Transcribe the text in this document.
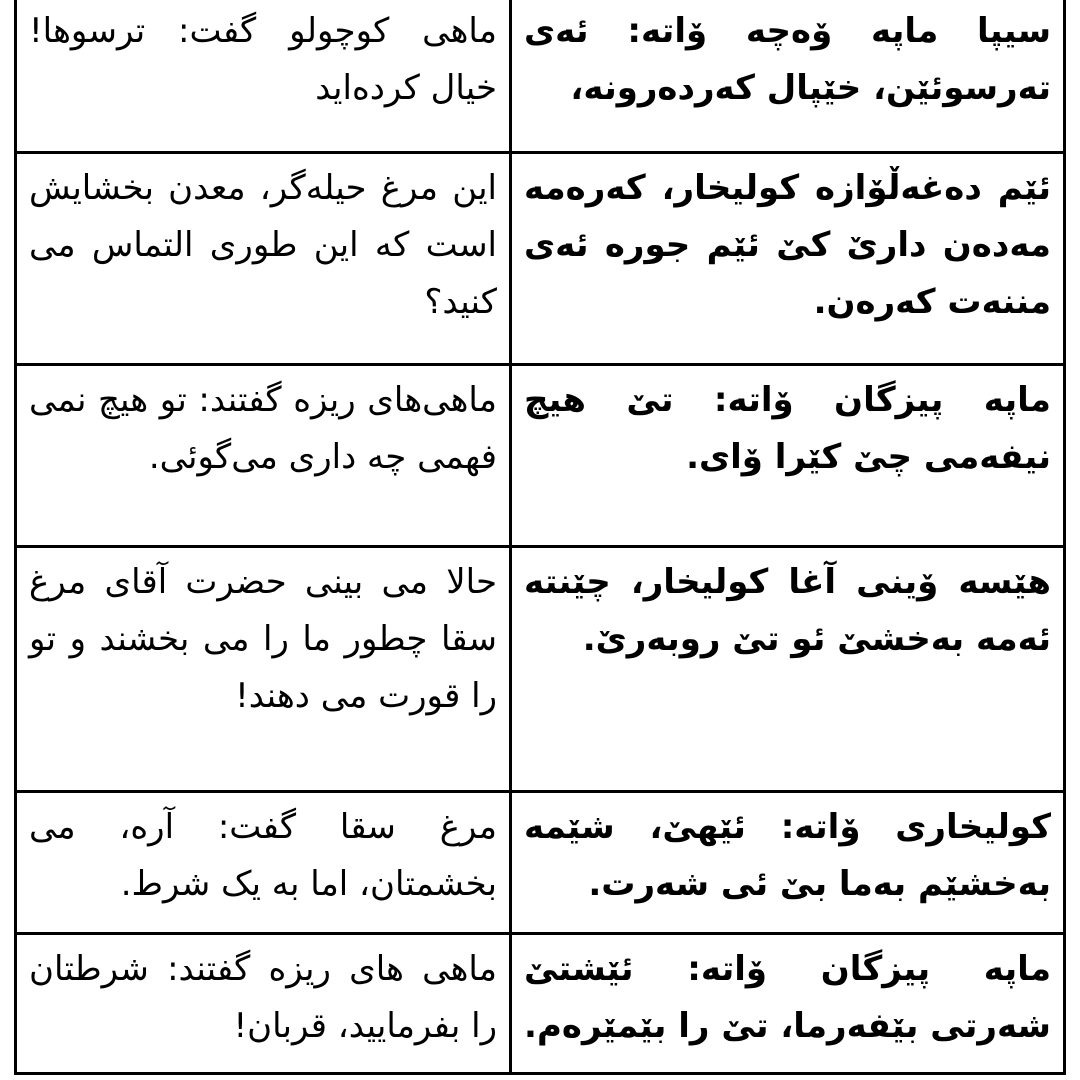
ماهی کوچولو گفت: ترسوها! خیال کرده‌اید	سیپا ماپه ۆەچە ۆاتە: ئەی تەرسوئێن، خێپال کەردەرونە،
این مرغ حیله‌گر، معدن بخشایش است که این طوری التماس می کنید؟	ئێم دەغەڵۆازە کولیخار، کەرەمە مەدەن دارێ کێ ئێم جورە ئەی مننەت کەرەن.
ماهی‌های ریزه گفتند: تو هیچ نمی فهمی چه داری می‌گوئی.	ماپە پیزگان ۆاتە: تێ هیچ نیفەمی چێ کێرا ۆای.
حالا می بینی حضرت آقای مرغ سقا چطور ما را می بخشند و تو را قورت می دهند!	هێسە ۆینی آغا کولیخار، چێنتە ئەمە بەخشێ ئو تێ روبەرێ.
مرغ سقا گفت: آره، می بخشمتان، اما به یک شرط.	کولیخاری ۆاتە: ئێهێ، شێمە بەخشێم بەما بێ ئی شەرت.
ماهی های ریزه گفتند: شرطتان را بفرمایید، قربان!	ماپە پیزگان ۆاتە: ئێشتێ شەرتی بێفەرما، تێ را بێمێرەم.
